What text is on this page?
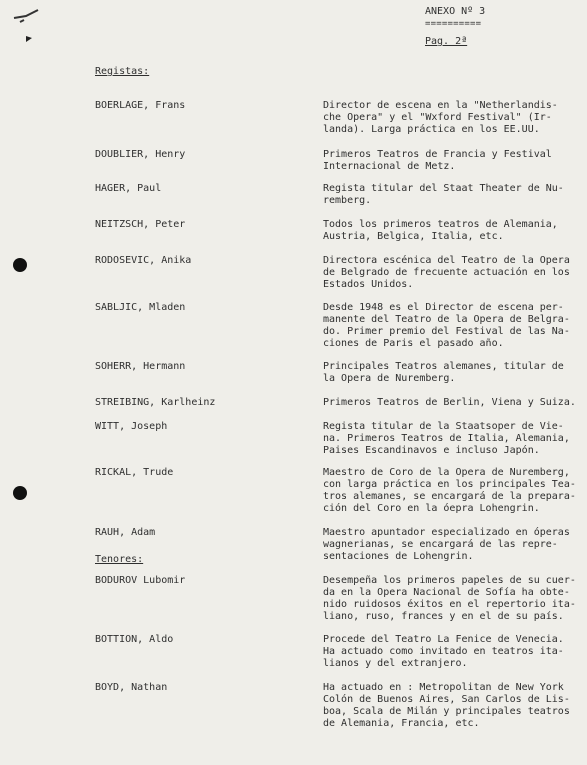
ANEXO Nº 3
==========
Pag. 2ª
Registas:
Tenores:
BOERLAGE, Frans	Director de escena en la "Netherlandis-
che Opera" y el "Wxford Festival" (Ir-
landa). Larga práctica en los EE.UU.
DOUBLIER, Henry	Primeros Teatros de Francia y Festival
Internacional de Metz.
HAGER, Paul	Regista titular del Staat Theater de Nu-
remberg.
NEITZSCH, Peter	Todos los primeros teatros de Alemania,
Austria, Belgica, Italia, etc.
RODOSEVIC, Anika	Directora escénica del Teatro de la Opera
de Belgrado de frecuente actuación en los
Estados Unidos.
SABLJIC, Mladen	Desde 1948 es el Director de escena per-
manente del Teatro de la Opera de Belgra-
do. Primer premio del Festival de las Na-
ciones de Paris el pasado año.
SOHERR, Hermann	Principales Teatros alemanes, titular de
la Opera de Nuremberg.
STREIBING, Karlheinz	Primeros Teatros de Berlin, Viena y Suiza.
WITT, Joseph	Regista titular de la Staatsoper de Vie-
na. Primeros Teatros de Italia, Alemania,
Paises Escandinavos e incluso Japón.
RICKAL, Trude	Maestro de Coro de la Opera de Nuremberg,
con larga práctica en los principales Tea-
tros alemanes, se encargará de la prepara-
ción del Coro en la óepra Lohengrin.
RAUH, Adam	Maestro apuntador especializado en óperas
wagnerianas, se encargará de las repre-
sentaciones de Lohengrin.
BODUROV Lubomir	Desempeña los primeros papeles de su cuer-
da en la Opera Nacional de Sofía ha obte-
nido ruidosos éxitos en el repertorio ita-
liano, ruso, frances y en el de su país.
BOTTION, Aldo	Procede del Teatro La Fenice de Venecia.
Ha actuado como invitado en teatros ita-
lianos y del extranjero.
BOYD, Nathan	Ha actuado en : Metropolitan de New York
Colón de Buenos Aires, San Carlos de Lis-
boa, Scala de Milán y principales teatros
de Alemania, Francia, etc.
